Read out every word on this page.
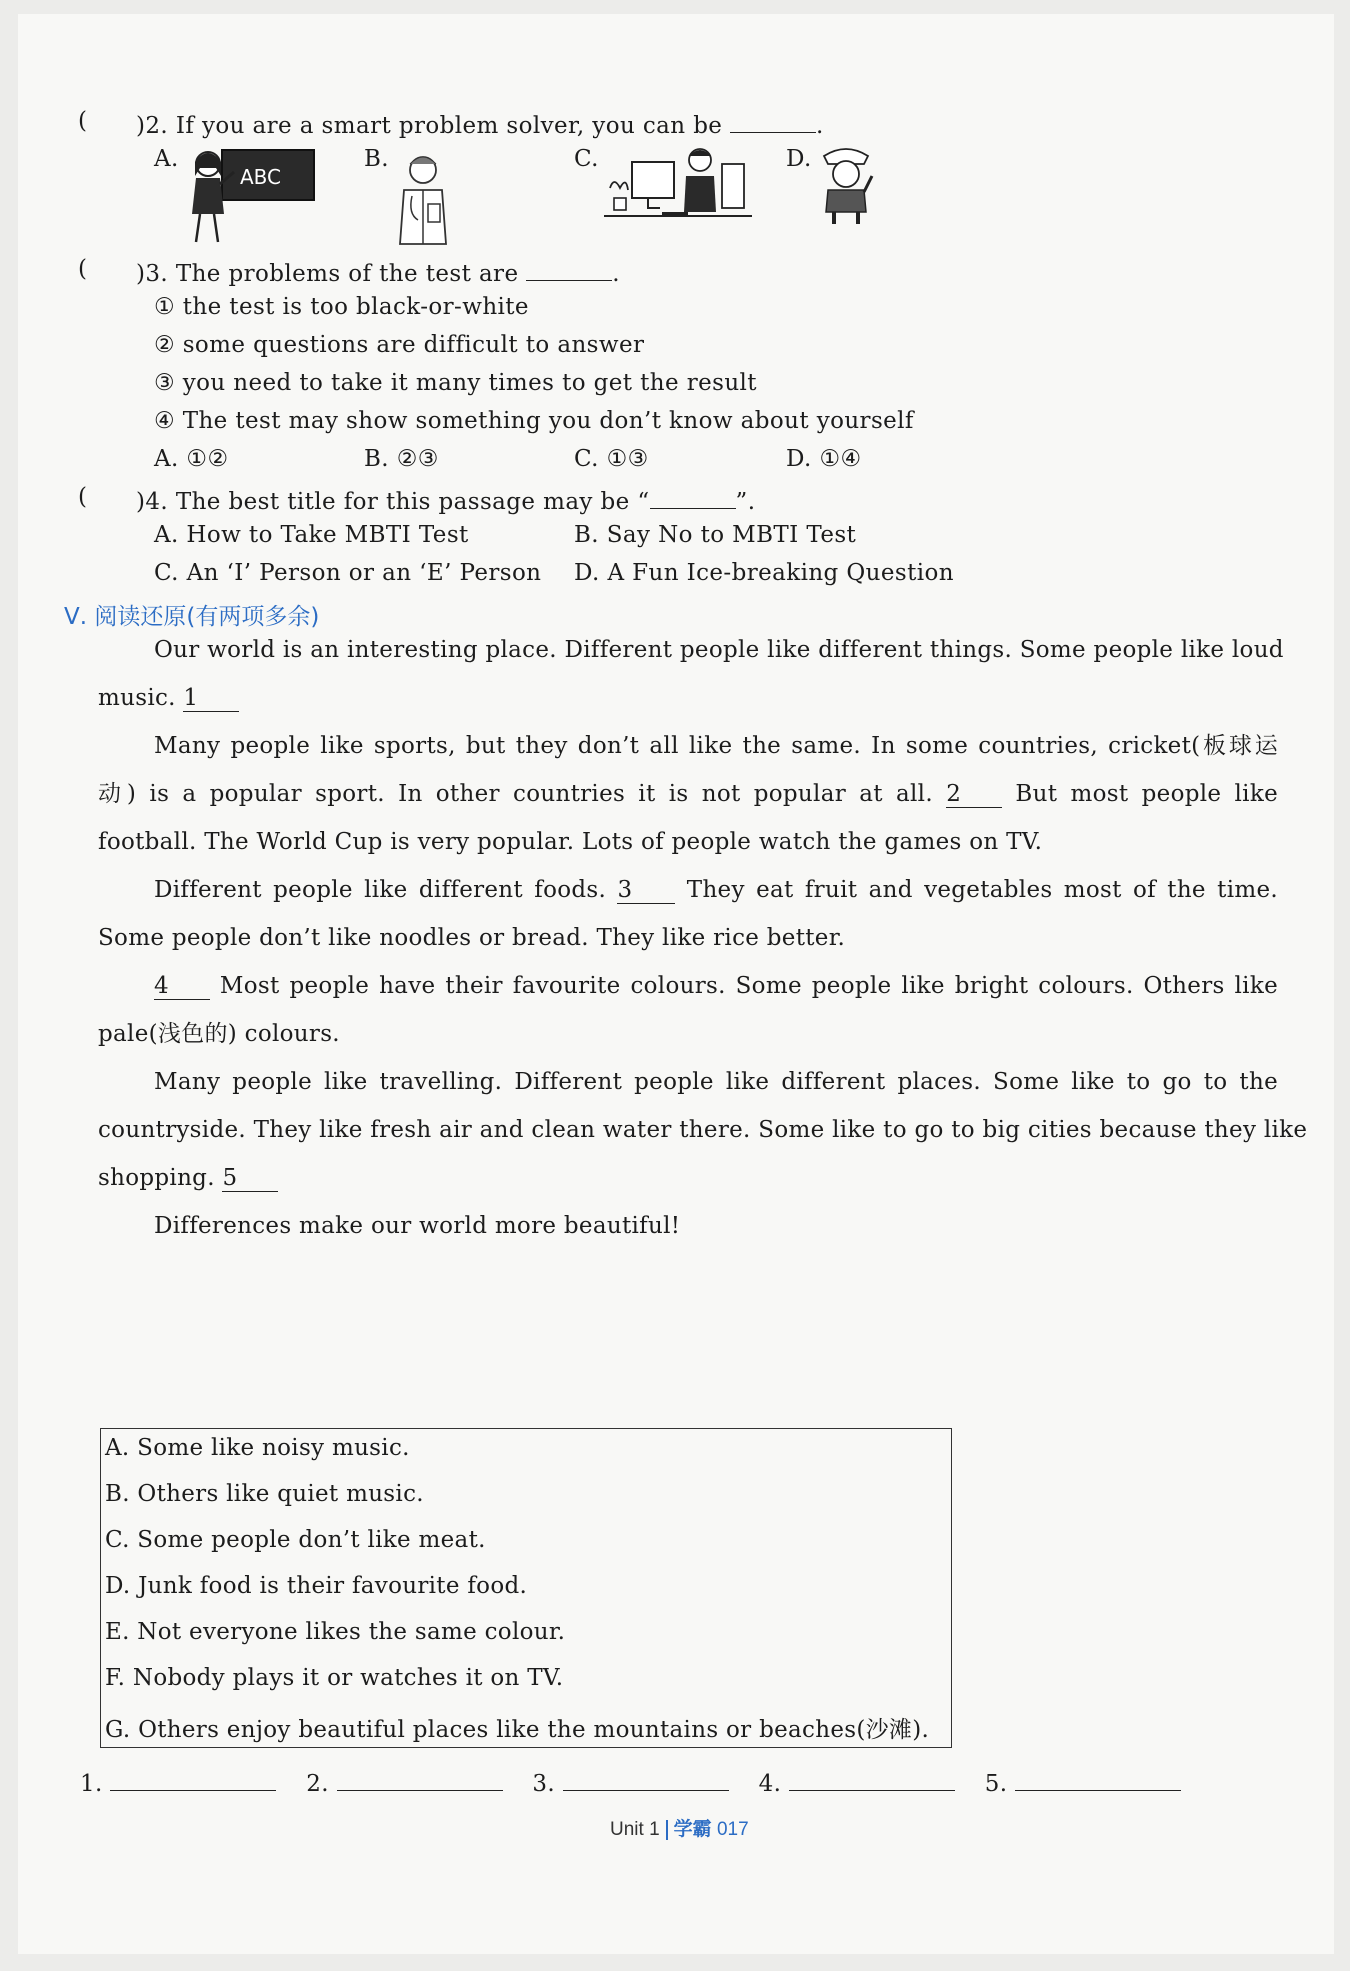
( )2. If you are a smart problem solver, you can be	.
A.	B.	C.	D.
ABC
( )3. The problems of the test are	.
① the test is too black-or-white
② some questions are difficult to answer
③ you need to take it many times to get the result
④ The test may show something you don’t know about yourself
A. ①②	B. ②③	C. ①③	D. ①④
( )4. The best title for this passage may be “	”.
A. How to Take MBTI Test	B. Say No to MBTI Test
C. An ‘I’ Person or an ‘E’ Person D. A Fun Ice-breaking Question
Ⅴ. 阅读还原(有两项多余)
Our world is an interesting place. Different people like different things. Some people like loud
music. 1
Many people like sports, but they don’t all like the same. In some countries, cricket(板球运
动) is a popular sport. In other countries it is not popular at all. 2 But most people like
football. The World Cup is very popular. Lots of people watch the games on TV.
Different people like different foods. 3 They eat fruit and vegetables most of the time.
Some people don’t like noodles or bread. They like rice better.
4 Most people have their favourite colours. Some people like bright colours. Others like
pale(浅色的) colours.
Many people like travelling. Different people like different places. Some like to go to the
countryside. They like fresh air and clean water there. Some like to go to big cities because they like
shopping. 5
Differences make our world more beautiful!
A. Some like noisy music.
B. Others like quiet music.
C. Some people don’t like meat.
D. Junk food is their favourite food.
E. Not everyone likes the same colour.
F. Nobody plays it or watches it on TV.
G. Others enjoy beautiful places like the mountains or beaches(沙滩).
1.	2.	3.	4.	5.
Unit 1 学霸 017
